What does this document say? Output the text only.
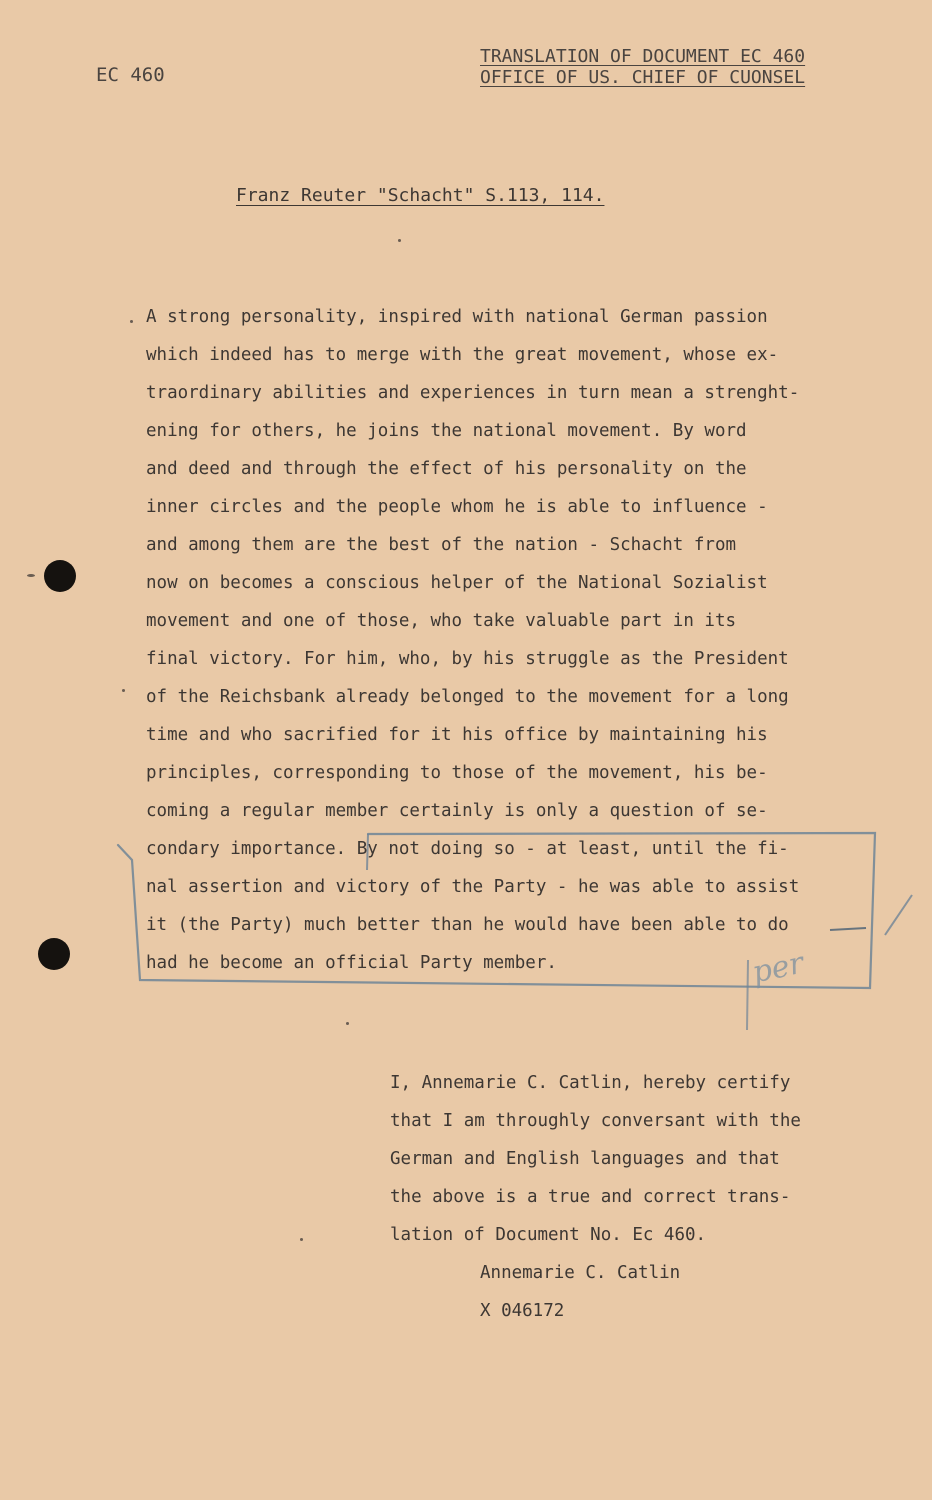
EC 460
TRANSLATION OF DOCUMENT EC 460
OFFICE OF US. CHIEF OF CUONSEL
Franz Reuter "Schacht" S.113, 114.
A strong personality, inspired with national German passion
which indeed has to merge with the great movement, whose ex-
traordinary abilities and experiences in turn mean a strenght-
ening for others, he joins the national movement. By word
and deed and through the effect of his personality on the
inner circles and the people whom he is able to influence -
and among them are the best of the nation - Schacht from
now on becomes a conscious helper of the National Sozialist
movement and one of those, who take valuable part in its
final victory. For him, who, by his struggle as the President
of the Reichsbank already belonged to the movement for a long
time and who sacrified for it his office by maintaining his
principles, corresponding to those of the movement, his be-
coming a regular member certainly is only a question of se-
condary importance. By not doing so - at least, until the fi-
nal assertion and victory of the Party - he was able to assist
it (the Party) much better than he would have been able to do
had he become an official Party member.	per
I, Annemarie C. Catlin, hereby certify
that I am throughly conversant with the
German and English languages and that
the above is a true and correct trans-
lation of Document No. Ec 460.
Annemarie C. Catlin
X 046172
